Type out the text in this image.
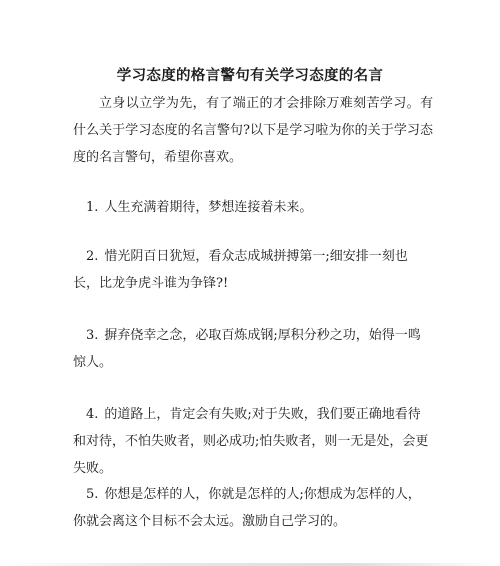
学习态度的格言警句有关学习态度的名言
立身以立学为先，有了端正的才会排除万难刻苦学习。有什么关于学习态度的名言警句?以下是学习啦为你的关于学习态度的名言警句，希望你喜欢。
1. 人生充满着期待，梦想连接着未来。
2. 惜光阴百日犹短，看众志成城拼搏第一;细安排一刻也长，比龙争虎斗谁为争锋?!
3. 摒弃侥幸之念，必取百炼成钢;厚积分秒之功，始得一鸣惊人。
4. 的道路上，肯定会有失败;对于失败，我们要正确地看待和对待，不怕失败者，则必成功;怕失败者，则一无是处，会更失败。
5. 你想是怎样的人，你就是怎样的人;你想成为怎样的人，你就会离这个目标不会太远。激励自己学习的。
